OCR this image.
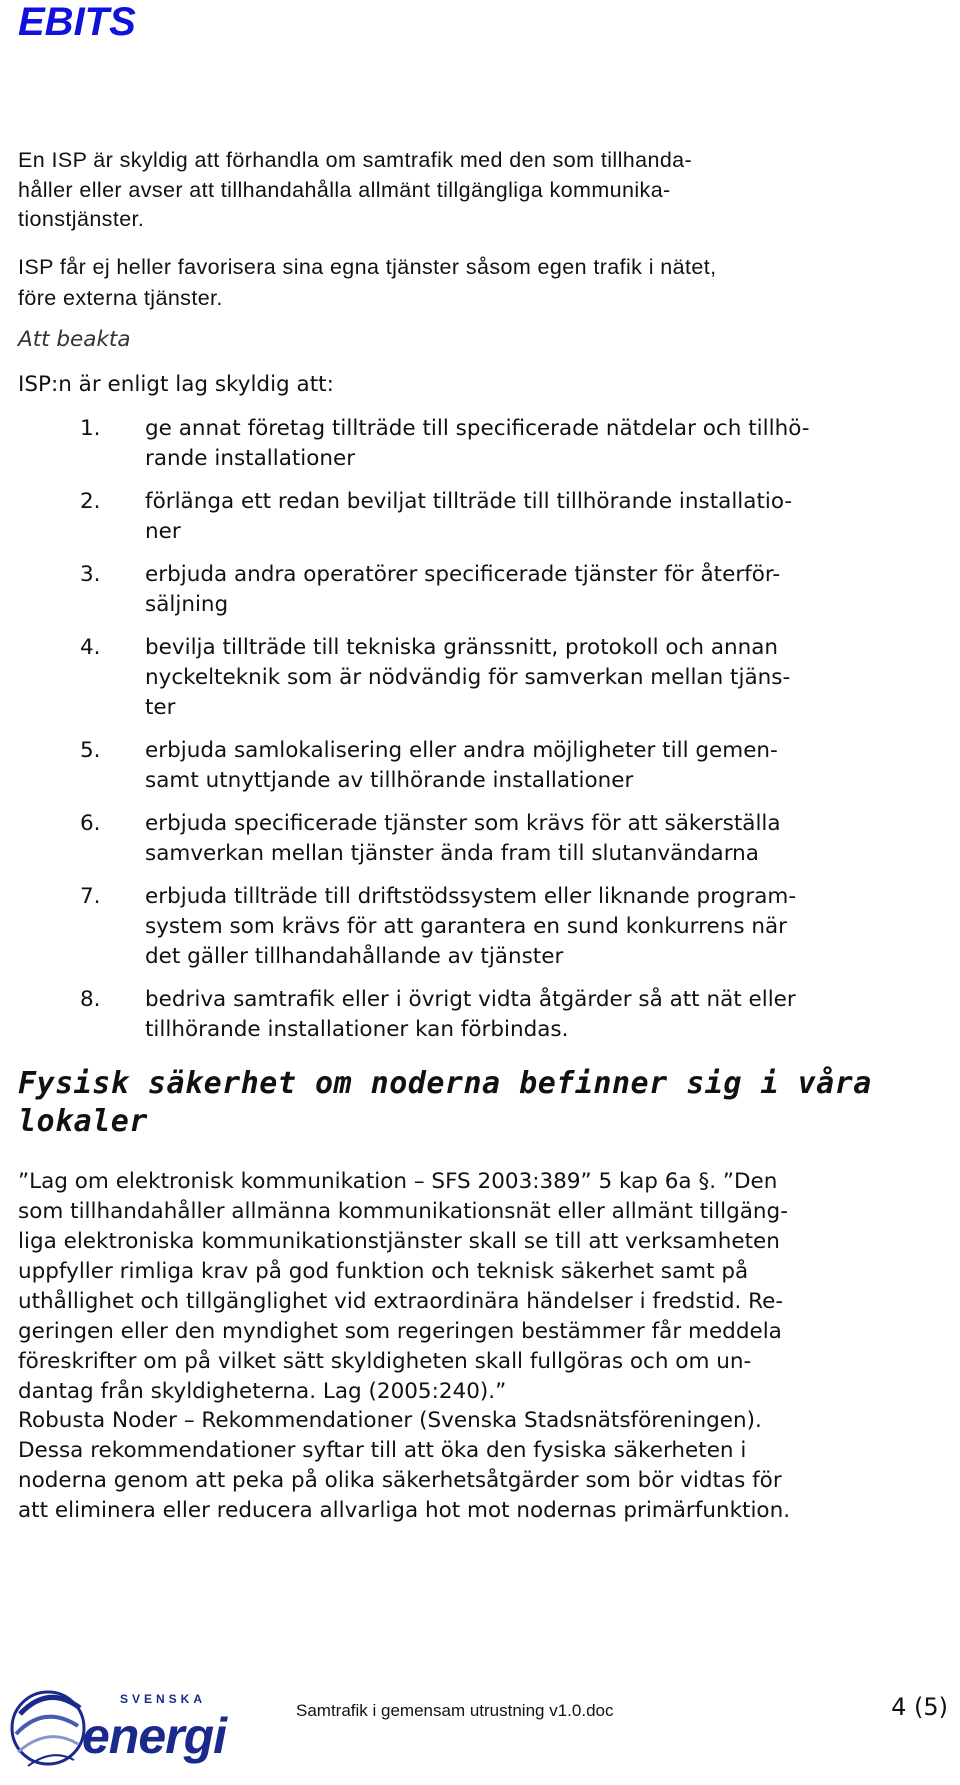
EBITS

En ISP är skyldig att förhandla om samtrafik med den som tillhanda-
håller eller avser att tillhandahålla allmänt tillgängliga kommunika-
tionstjänster.

ISP får ej heller favorisera sina egna tjänster såsom egen trafik i nätet,
före externa tjänster.

Att beakta

ISP:n är enligt lag skyldig att:

1. ge annat företag tillträde till specificerade nätdelar och tillhö-
rande installationer
2. förlänga ett redan beviljat tillträde till tillhörande installatio-
ner
3. erbjuda andra operatörer specificerade tjänster för återför-
säljning
4. bevilja tillträde till tekniska gränssnitt, protokoll och annan
nyckelteknik som är nödvändig för samverkan mellan tjäns-
ter
5. erbjuda samlokalisering eller andra möjligheter till gemen-
samt utnyttjande av tillhörande installationer
6. erbjuda specificerade tjänster som krävs för att säkerställa
samverkan mellan tjänster ända fram till slutanvändarna
7. erbjuda tillträde till driftstödssystem eller liknande program-
system som krävs för att garantera en sund konkurrens när
det gäller tillhandahållande av tjänster
8. bedriva samtrafik eller i övrigt vidta åtgärder så att nät eller
tillhörande installationer kan förbindas.
Fysisk säkerhet om noderna befinner sig i våra
lokaler

”Lag om elektronisk kommunikation – SFS 2003:389” 5 kap 6a §. ”Den
som tillhandahåller allmänna kommunikationsnät eller allmänt tillgäng-
liga elektroniska kommunikationstjänster skall se till att verksamheten
uppfyller rimliga krav på god funktion och teknisk säkerhet samt på
uthållighet och tillgänglighet vid extraordinära händelser i fredstid. Re-
geringen eller den myndighet som regeringen bestämmer får meddela
föreskrifter om på vilket sätt skyldigheten skall fullgöras och om un-
dantag från skyldigheterna. Lag (2005:240).”

Robusta Noder – Rekommendationer (Svenska Stadsnätsföreningen).
Dessa rekommendationer syftar till att öka den fysiska säkerheten i
noderna genom att peka på olika säkerhetsåtgärder som bör vidtas för
att eliminera eller reducera allvarliga hot mot nodernas primärfunktion.

SVENSKA
energi	Samtrafik i gemensam utrustning v1.0.doc	4 (5)
